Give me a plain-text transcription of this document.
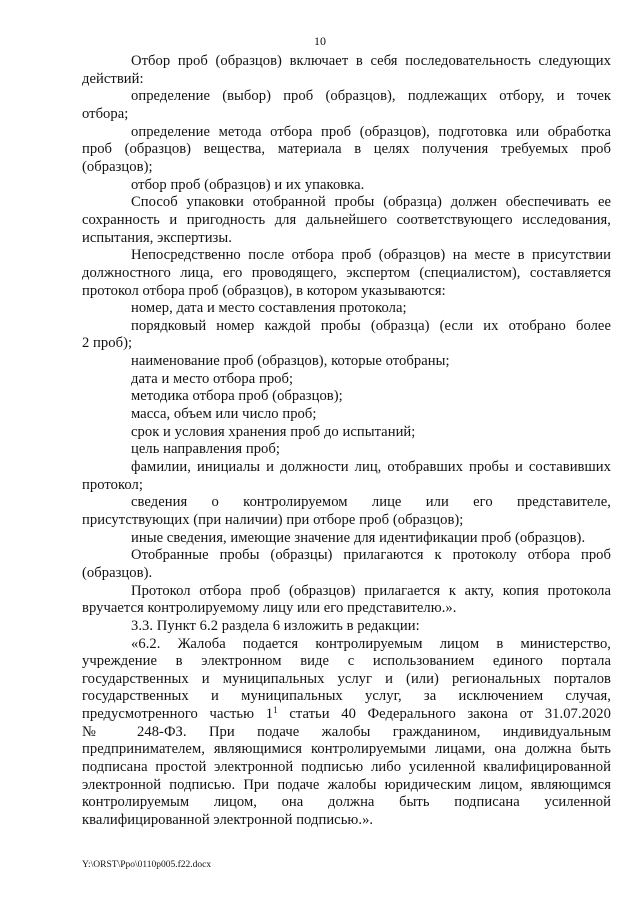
10
Отбор проб (образцов) включает в себя последовательность следующих
действий:
определение (выбор) проб (образцов), подлежащих отбору, и точек
отбора;
определение метода отбора проб (образцов), подготовка или обработка
проб (образцов) вещества, материала в целях получения требуемых проб
(образцов);
отбор проб (образцов) и их упаковка.
Способ упаковки отобранной пробы (образца) должен обеспечивать ее
сохранность и пригодность для дальнейшего соответствующего исследования,
испытания, экспертизы.
Непосредственно после отбора проб (образцов) на месте в присутствии
должностного лица, его проводящего, экспертом (специалистом), составляется
протокол отбора проб (образцов), в котором указываются:
номер, дата и место составления протокола;
порядковый номер каждой пробы (образца) (если их отобрано более
2 проб);
наименование проб (образцов), которые отобраны;
дата и место отбора проб;
методика отбора проб (образцов);
масса, объем или число проб;
срок и условия хранения проб до испытаний;
цель направления проб;
фамилии, инициалы и должности лиц, отобравших пробы и составивших
протокол;
сведения о контролируемом лице или его представителе,
присутствующих (при наличии) при отборе проб (образцов);
иные сведения, имеющие значение для идентификации проб (образцов).
Отобранные пробы (образцы) прилагаются к протоколу отбора проб
(образцов).
Протокол отбора проб (образцов) прилагается к акту, копия протокола
вручается контролируемому лицу или его представителю.».
3.3. Пункт 6.2 раздела 6 изложить в редакции:
«6.2. Жалоба подается контролируемым лицом в министерство,
учреждение в электронном виде с использованием единого портала
государственных и муниципальных услуг и (или) региональных порталов
государственных и муниципальных услуг, за исключением случая,
предусмотренного частью $1^1$ статьи 40 Федерального закона от 31.07.2020
№ 248-ФЗ. При подаче жалобы гражданином, индивидуальным
предпринимателем, являющимися контролируемыми лицами, она должна быть
подписана простой электронной подписью либо усиленной квалифицированной
электронной подписью. При подаче жалобы юридическим лицом, являющимся
контролируемым лицом, она должна быть подписана усиленной
квалифицированной электронной подписью.».
Y:\ORST\Ppo\0110p005.f22.docx
